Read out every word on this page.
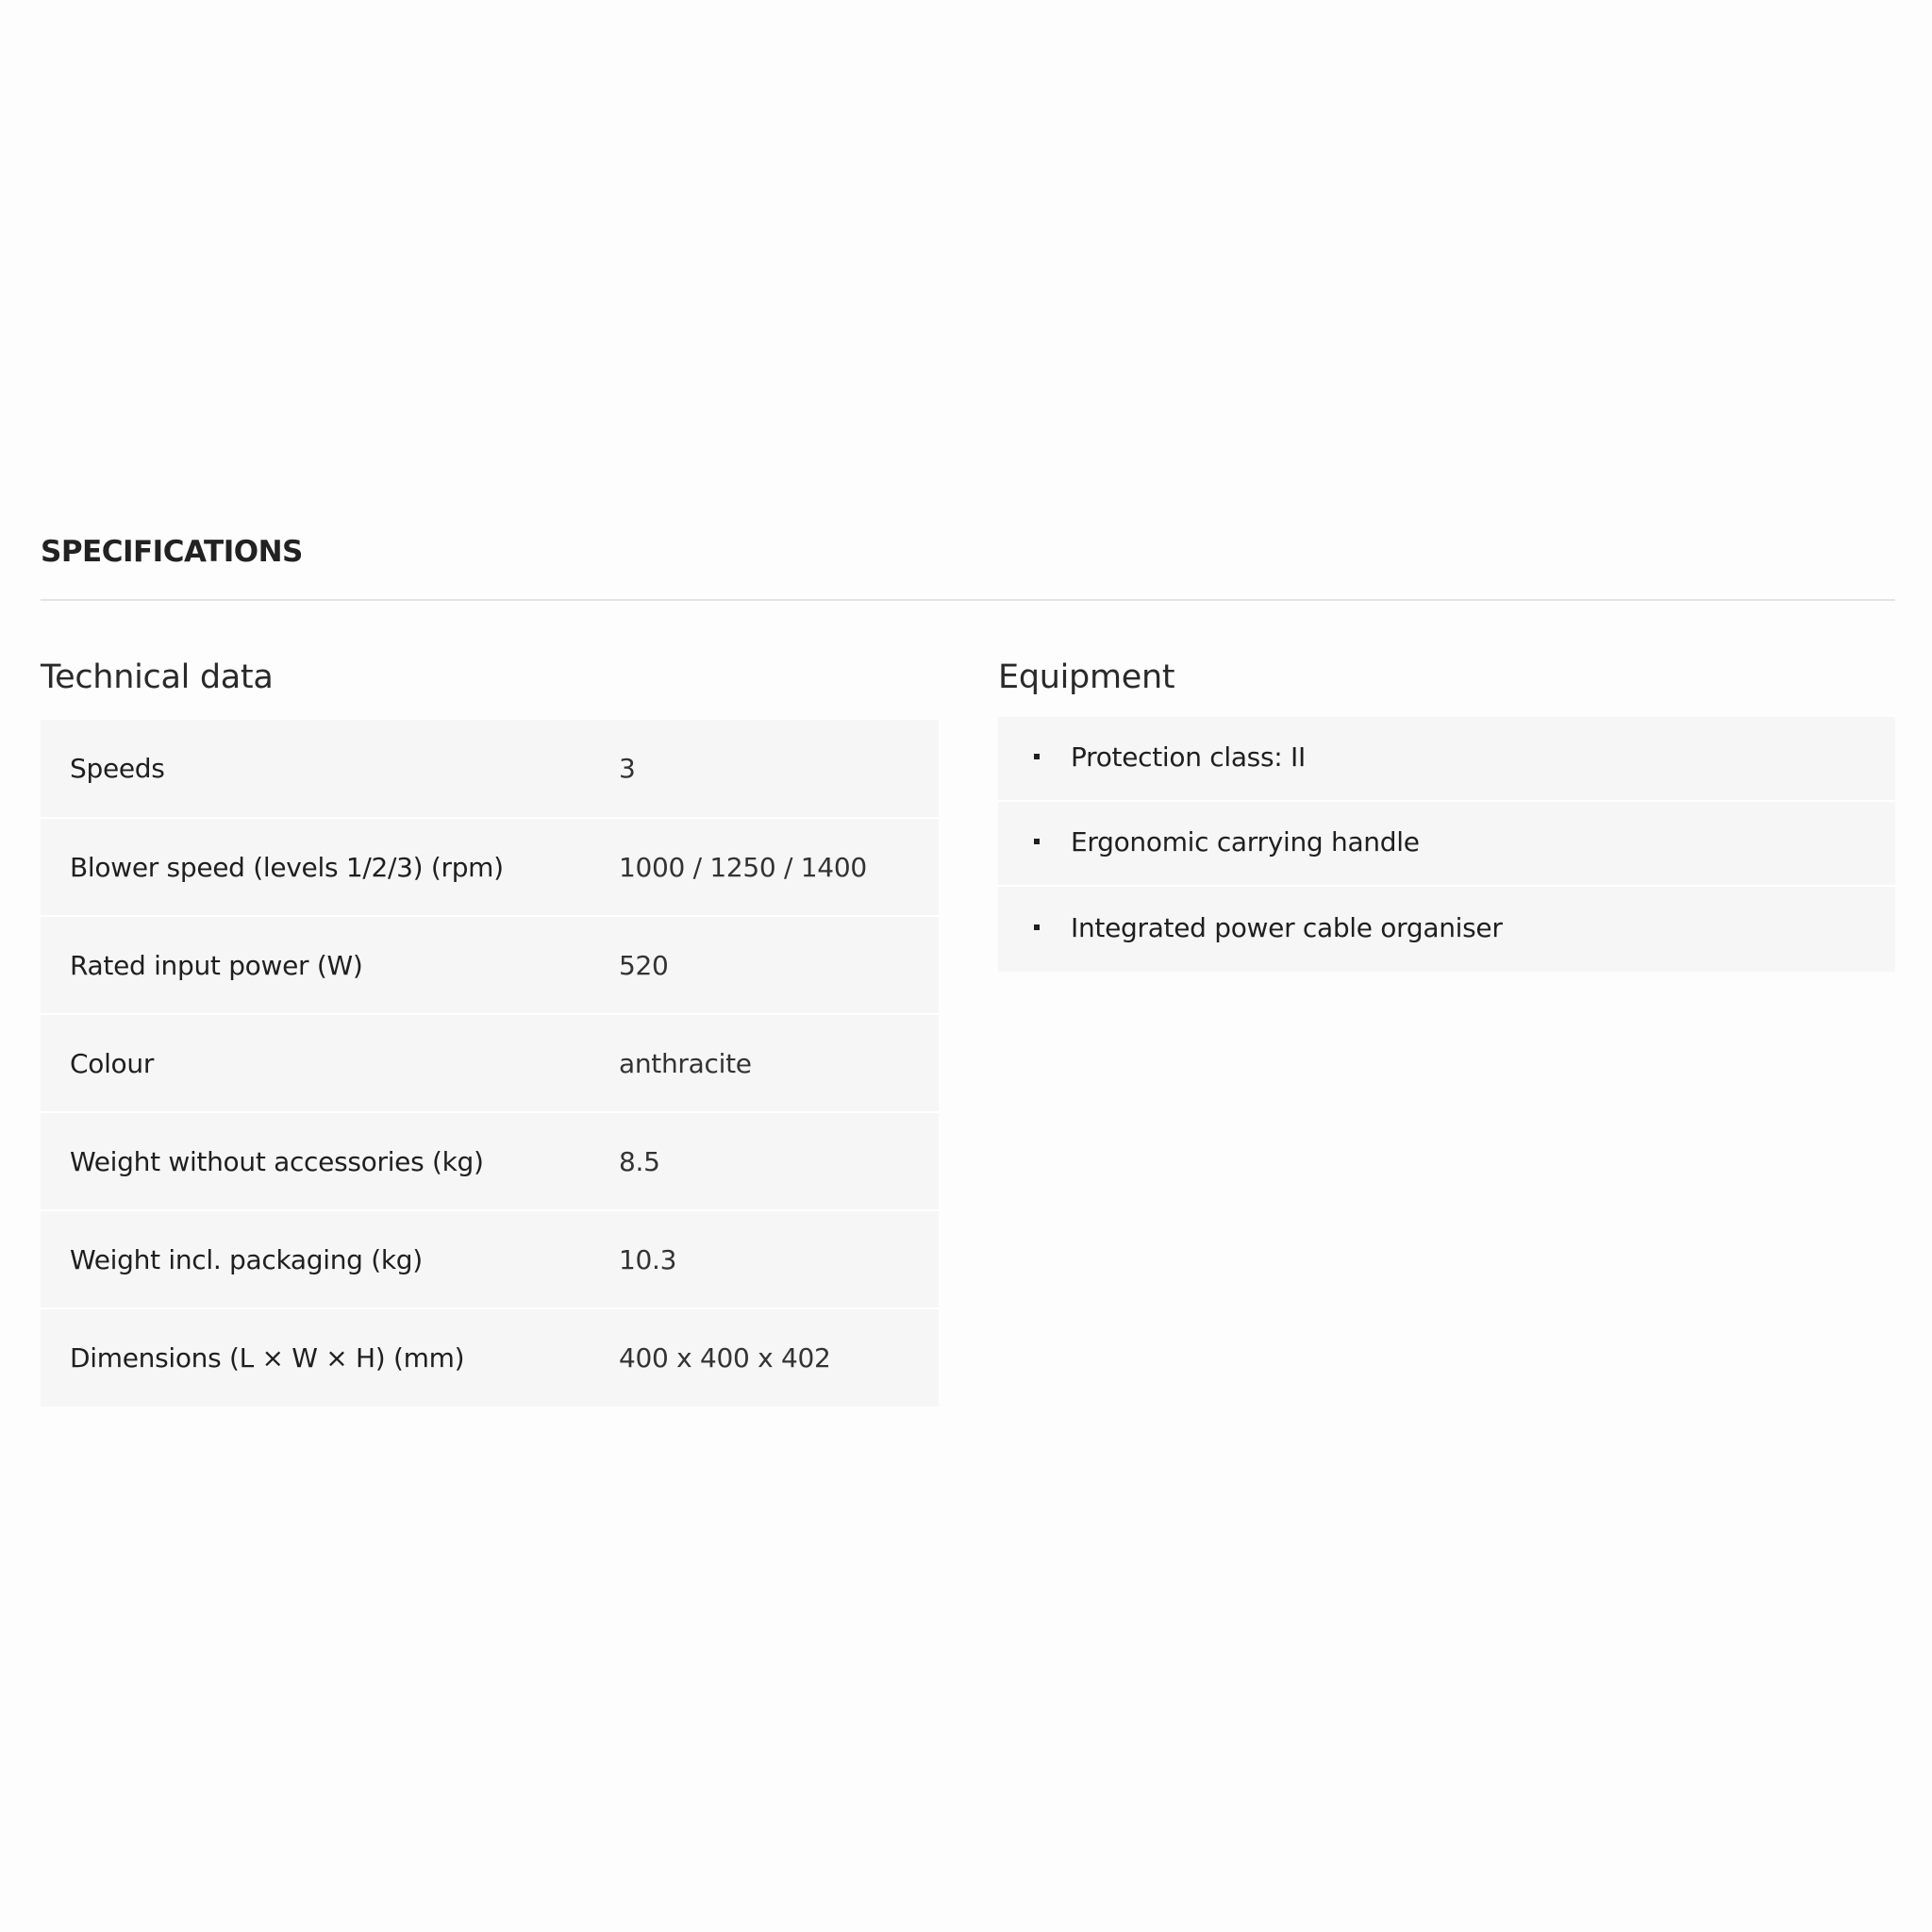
SPECIFICATIONS
Technical data
Speeds	3
Blower speed (levels 1/2/3) (rpm)	1000 / 1250 / 1400
Rated input power (W)	520
Colour	anthracite
Weight without accessories (kg)	8.5
Weight incl. packaging (kg)	10.3
Dimensions (L × W × H) (mm)	400 x 400 x 402
Equipment
Protection class: II
Ergonomic carrying handle
Integrated power cable organiser
